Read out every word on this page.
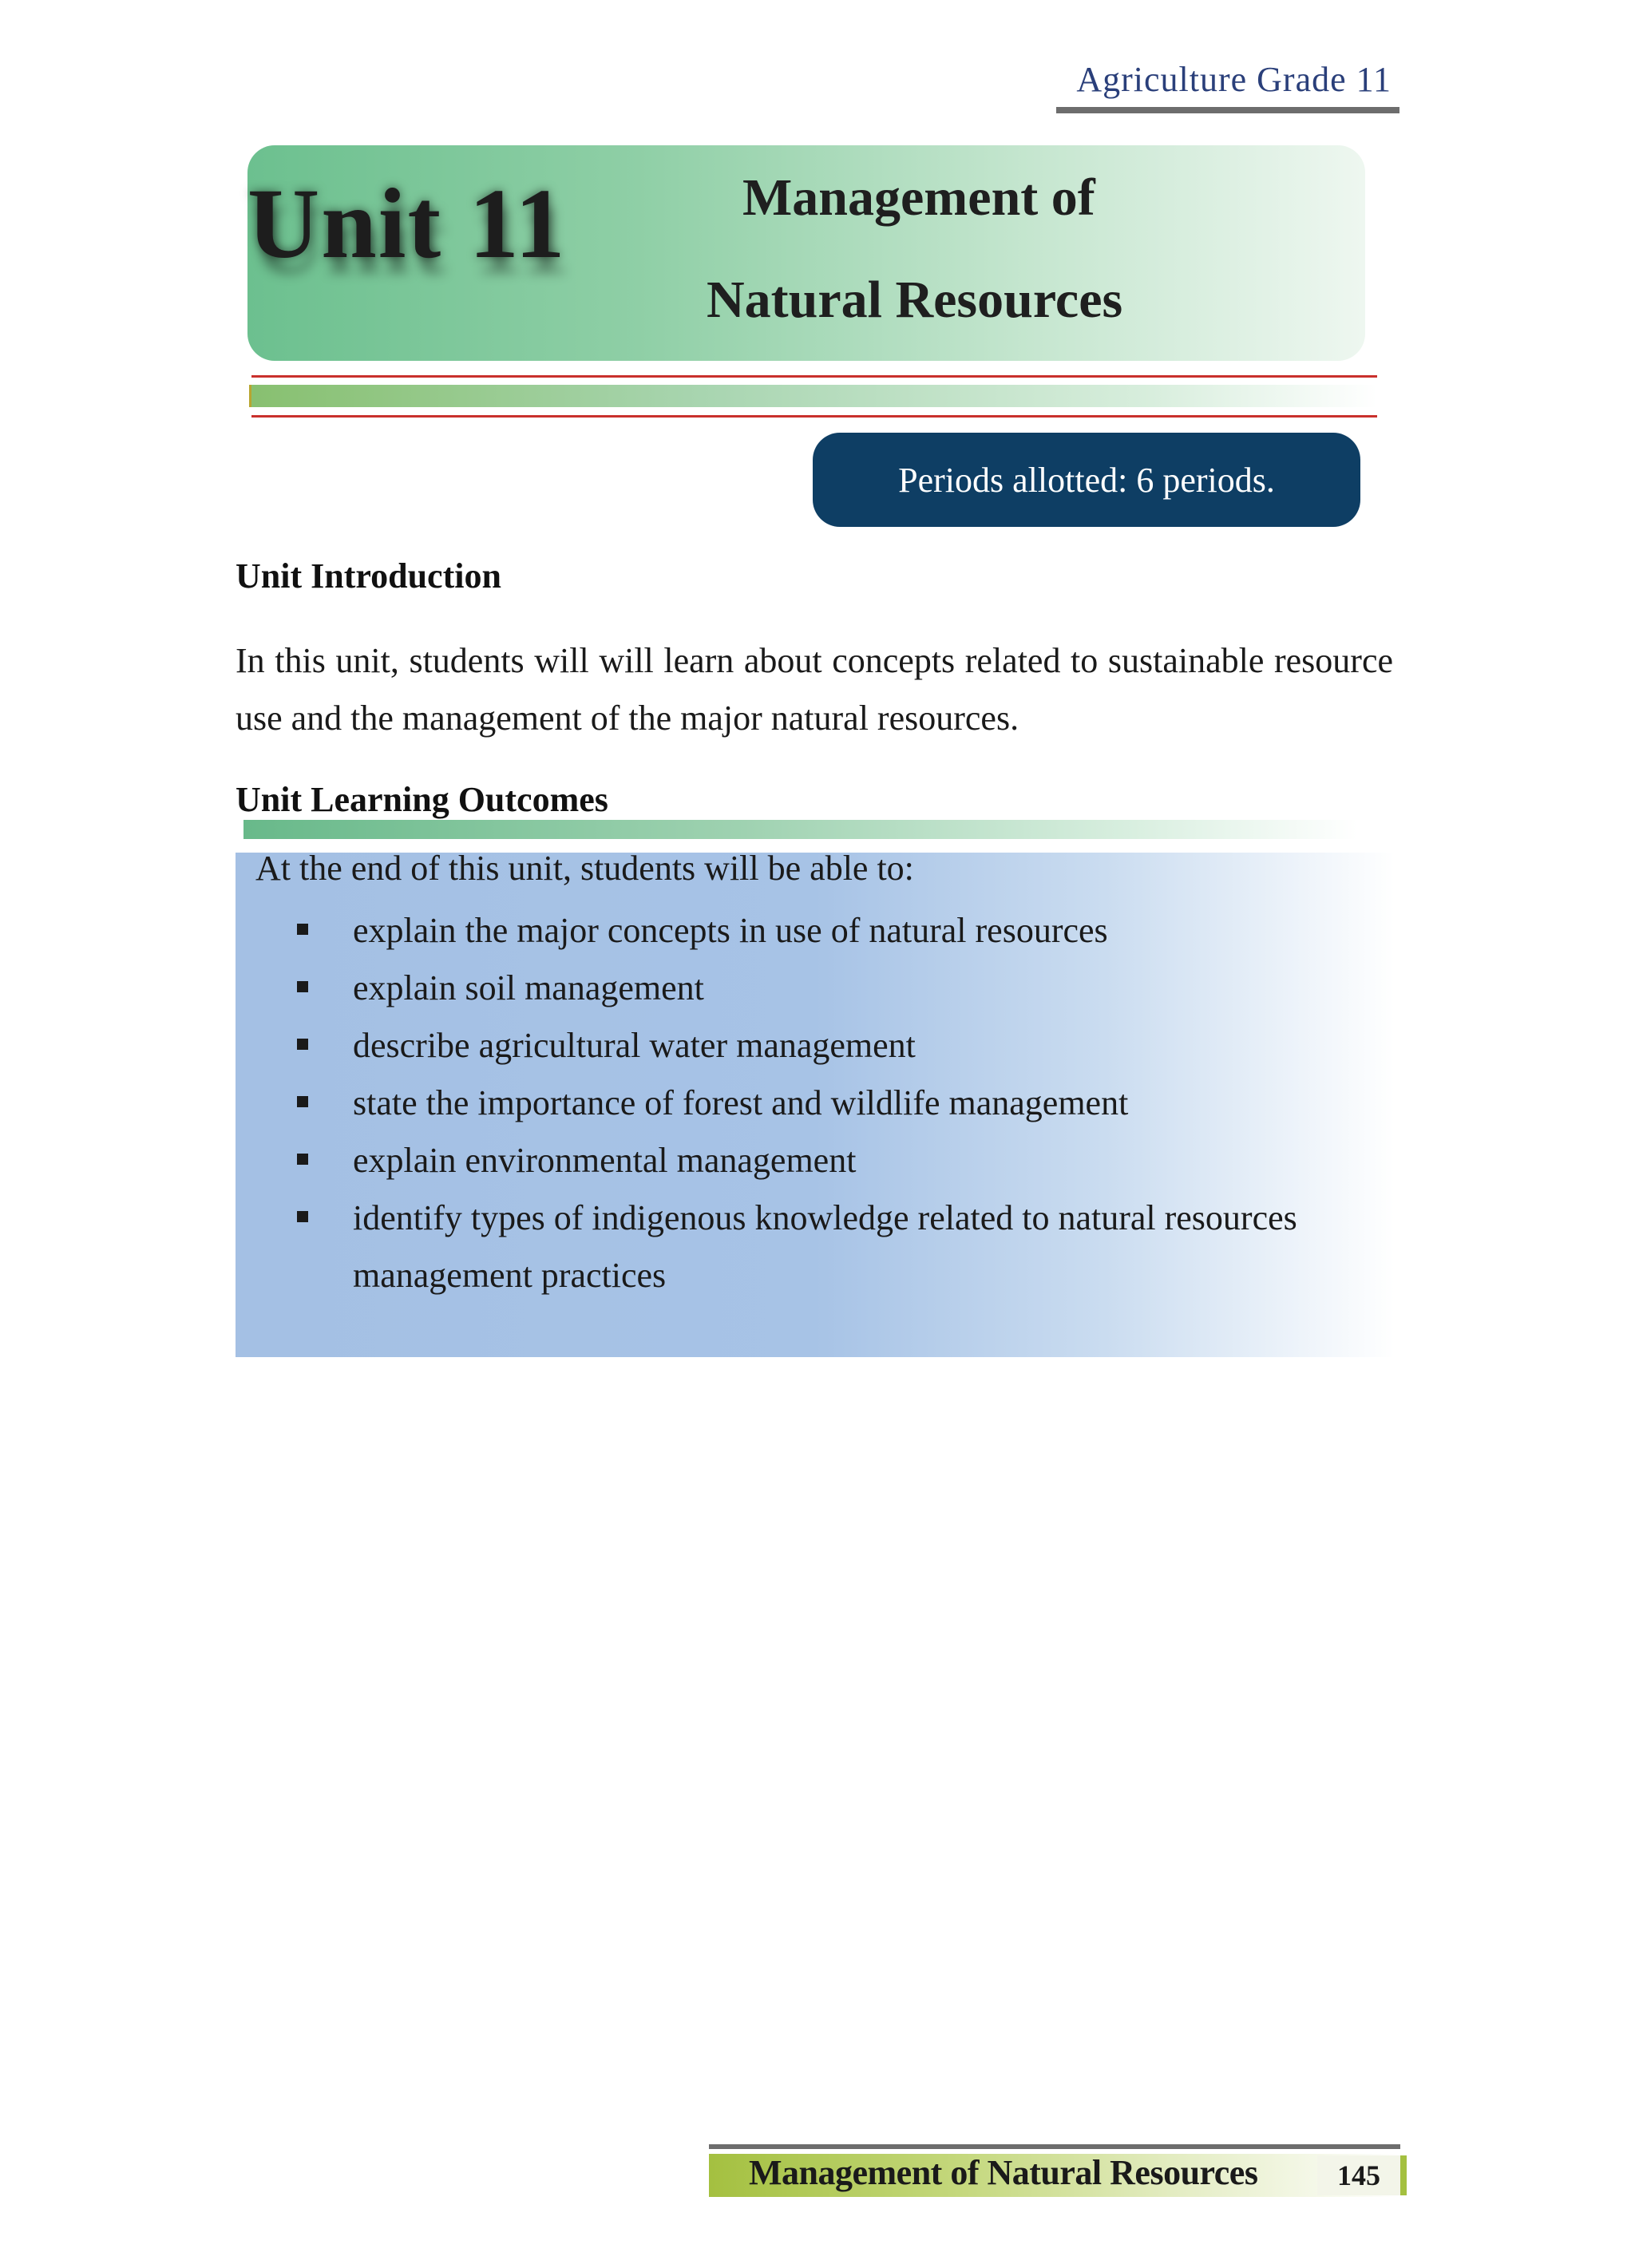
Agriculture Grade 11
Unit 11	Management of
Natural Resources
Periods allotted: 6 periods.
Unit Introduction
In this unit, students will will learn about concepts related to sustainable resource use and the management of the major natural resources.
Unit Learning Outcomes
At the end of this unit, students will be able to:
explain the major concepts in use of natural resources
explain soil management
describe agricultural water management
state the importance of forest and wildlife management
explain environmental management
identify types of indigenous knowledge related to natural resources management practices
Management of Natural Resources	145
